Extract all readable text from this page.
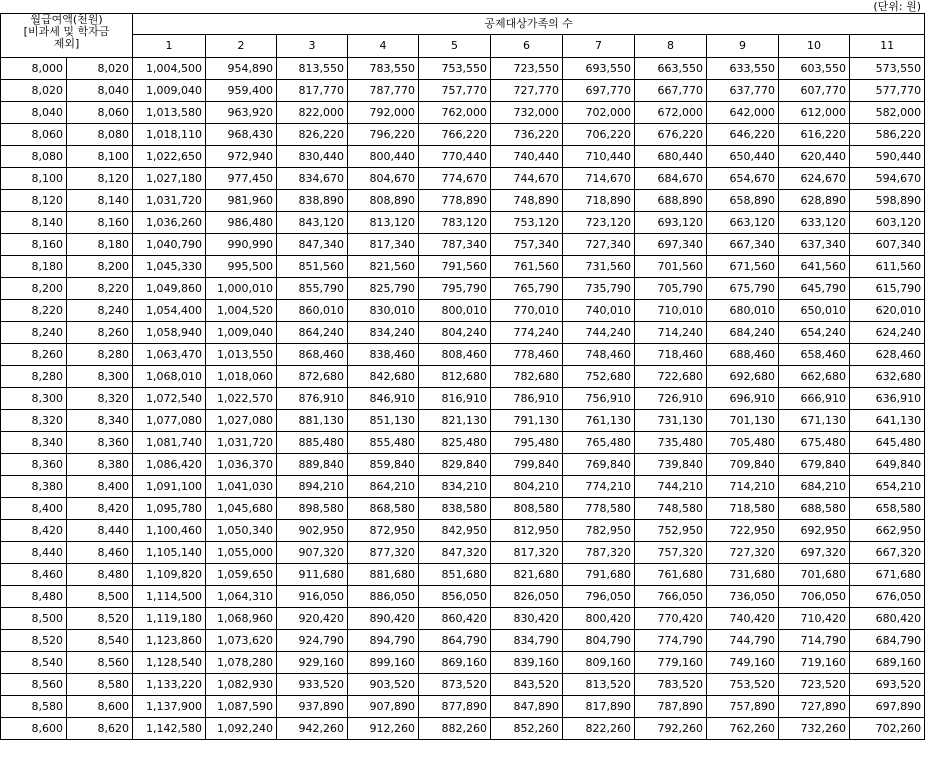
(단위: 원)
월급여액(천원)
[비과세 및 학자금
제외]		공제대상가족의 수										
		1	2	3	4	5	6	7	8	9	10	11
8,000	8,020	1,004,500	954,890	813,550	783,550	753,550	723,550	693,550	663,550	633,550	603,550	573,550
8,020	8,040	1,009,040	959,400	817,770	787,770	757,770	727,770	697,770	667,770	637,770	607,770	577,770
8,040	8,060	1,013,580	963,920	822,000	792,000	762,000	732,000	702,000	672,000	642,000	612,000	582,000
8,060	8,080	1,018,110	968,430	826,220	796,220	766,220	736,220	706,220	676,220	646,220	616,220	586,220
8,080	8,100	1,022,650	972,940	830,440	800,440	770,440	740,440	710,440	680,440	650,440	620,440	590,440
8,100	8,120	1,027,180	977,450	834,670	804,670	774,670	744,670	714,670	684,670	654,670	624,670	594,670
8,120	8,140	1,031,720	981,960	838,890	808,890	778,890	748,890	718,890	688,890	658,890	628,890	598,890
8,140	8,160	1,036,260	986,480	843,120	813,120	783,120	753,120	723,120	693,120	663,120	633,120	603,120
8,160	8,180	1,040,790	990,990	847,340	817,340	787,340	757,340	727,340	697,340	667,340	637,340	607,340
8,180	8,200	1,045,330	995,500	851,560	821,560	791,560	761,560	731,560	701,560	671,560	641,560	611,560
8,200	8,220	1,049,860	1,000,010	855,790	825,790	795,790	765,790	735,790	705,790	675,790	645,790	615,790
8,220	8,240	1,054,400	1,004,520	860,010	830,010	800,010	770,010	740,010	710,010	680,010	650,010	620,010
8,240	8,260	1,058,940	1,009,040	864,240	834,240	804,240	774,240	744,240	714,240	684,240	654,240	624,240
8,260	8,280	1,063,470	1,013,550	868,460	838,460	808,460	778,460	748,460	718,460	688,460	658,460	628,460
8,280	8,300	1,068,010	1,018,060	872,680	842,680	812,680	782,680	752,680	722,680	692,680	662,680	632,680
8,300	8,320	1,072,540	1,022,570	876,910	846,910	816,910	786,910	756,910	726,910	696,910	666,910	636,910
8,320	8,340	1,077,080	1,027,080	881,130	851,130	821,130	791,130	761,130	731,130	701,130	671,130	641,130
8,340	8,360	1,081,740	1,031,720	885,480	855,480	825,480	795,480	765,480	735,480	705,480	675,480	645,480
8,360	8,380	1,086,420	1,036,370	889,840	859,840	829,840	799,840	769,840	739,840	709,840	679,840	649,840
8,380	8,400	1,091,100	1,041,030	894,210	864,210	834,210	804,210	774,210	744,210	714,210	684,210	654,210
8,400	8,420	1,095,780	1,045,680	898,580	868,580	838,580	808,580	778,580	748,580	718,580	688,580	658,580
8,420	8,440	1,100,460	1,050,340	902,950	872,950	842,950	812,950	782,950	752,950	722,950	692,950	662,950
8,440	8,460	1,105,140	1,055,000	907,320	877,320	847,320	817,320	787,320	757,320	727,320	697,320	667,320
8,460	8,480	1,109,820	1,059,650	911,680	881,680	851,680	821,680	791,680	761,680	731,680	701,680	671,680
8,480	8,500	1,114,500	1,064,310	916,050	886,050	856,050	826,050	796,050	766,050	736,050	706,050	676,050
8,500	8,520	1,119,180	1,068,960	920,420	890,420	860,420	830,420	800,420	770,420	740,420	710,420	680,420
8,520	8,540	1,123,860	1,073,620	924,790	894,790	864,790	834,790	804,790	774,790	744,790	714,790	684,790
8,540	8,560	1,128,540	1,078,280	929,160	899,160	869,160	839,160	809,160	779,160	749,160	719,160	689,160
8,560	8,580	1,133,220	1,082,930	933,520	903,520	873,520	843,520	813,520	783,520	753,520	723,520	693,520
8,580	8,600	1,137,900	1,087,590	937,890	907,890	877,890	847,890	817,890	787,890	757,890	727,890	697,890
8,600	8,620	1,142,580	1,092,240	942,260	912,260	882,260	852,260	822,260	792,260	762,260	732,260	702,260
